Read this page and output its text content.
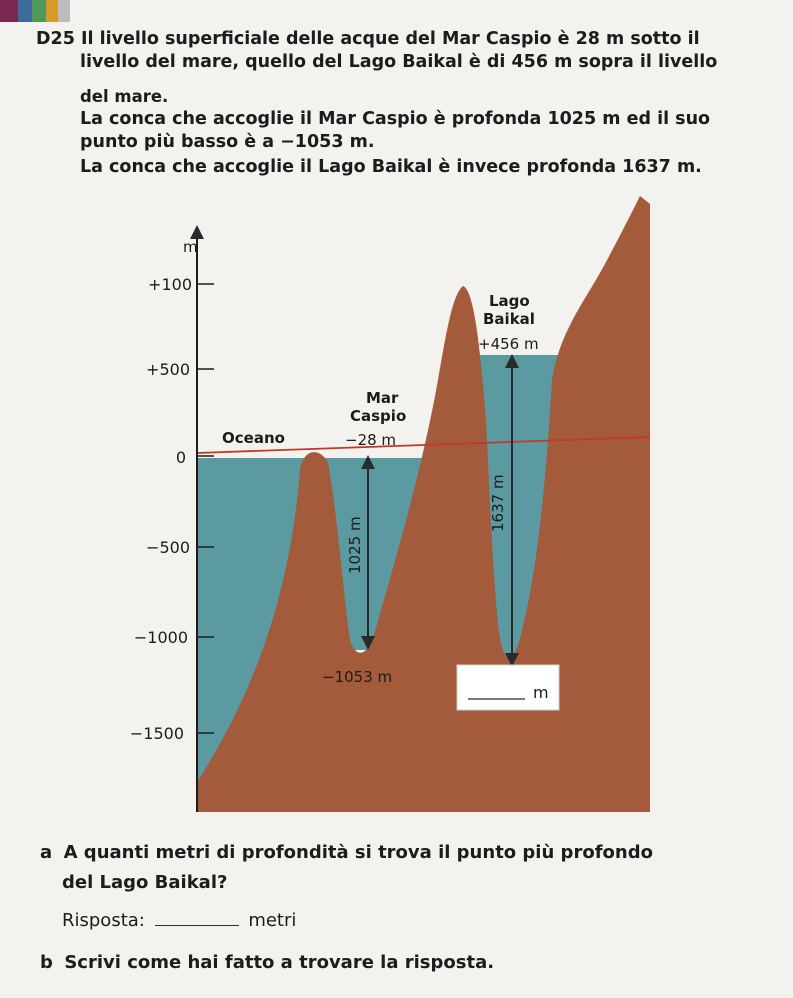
D25 Il livello superficiale delle acque del Mar Caspio è 28 m sotto il
livello del mare, quello del Lago Baikal è di 456 m sopra il livello
del mare.
La conca che accoglie il Mar Caspio è profonda 1025 m ed il suo
punto più basso è a −1053 m.
La conca che accoglie il Lago Baikal è invece profonda 1637 m.
m
+100
+500
0
−500
−1000
−1500
Oceano
Mar
Caspio
Lago
Baikal
−28 m
+456 m
−1053 m
1025 m
1637 m
m
a A quanti metri di profondità si trova il punto più profondo
del Lago Baikal?
Risposta:	metri
b Scrivi come hai fatto a trovare la risposta.
